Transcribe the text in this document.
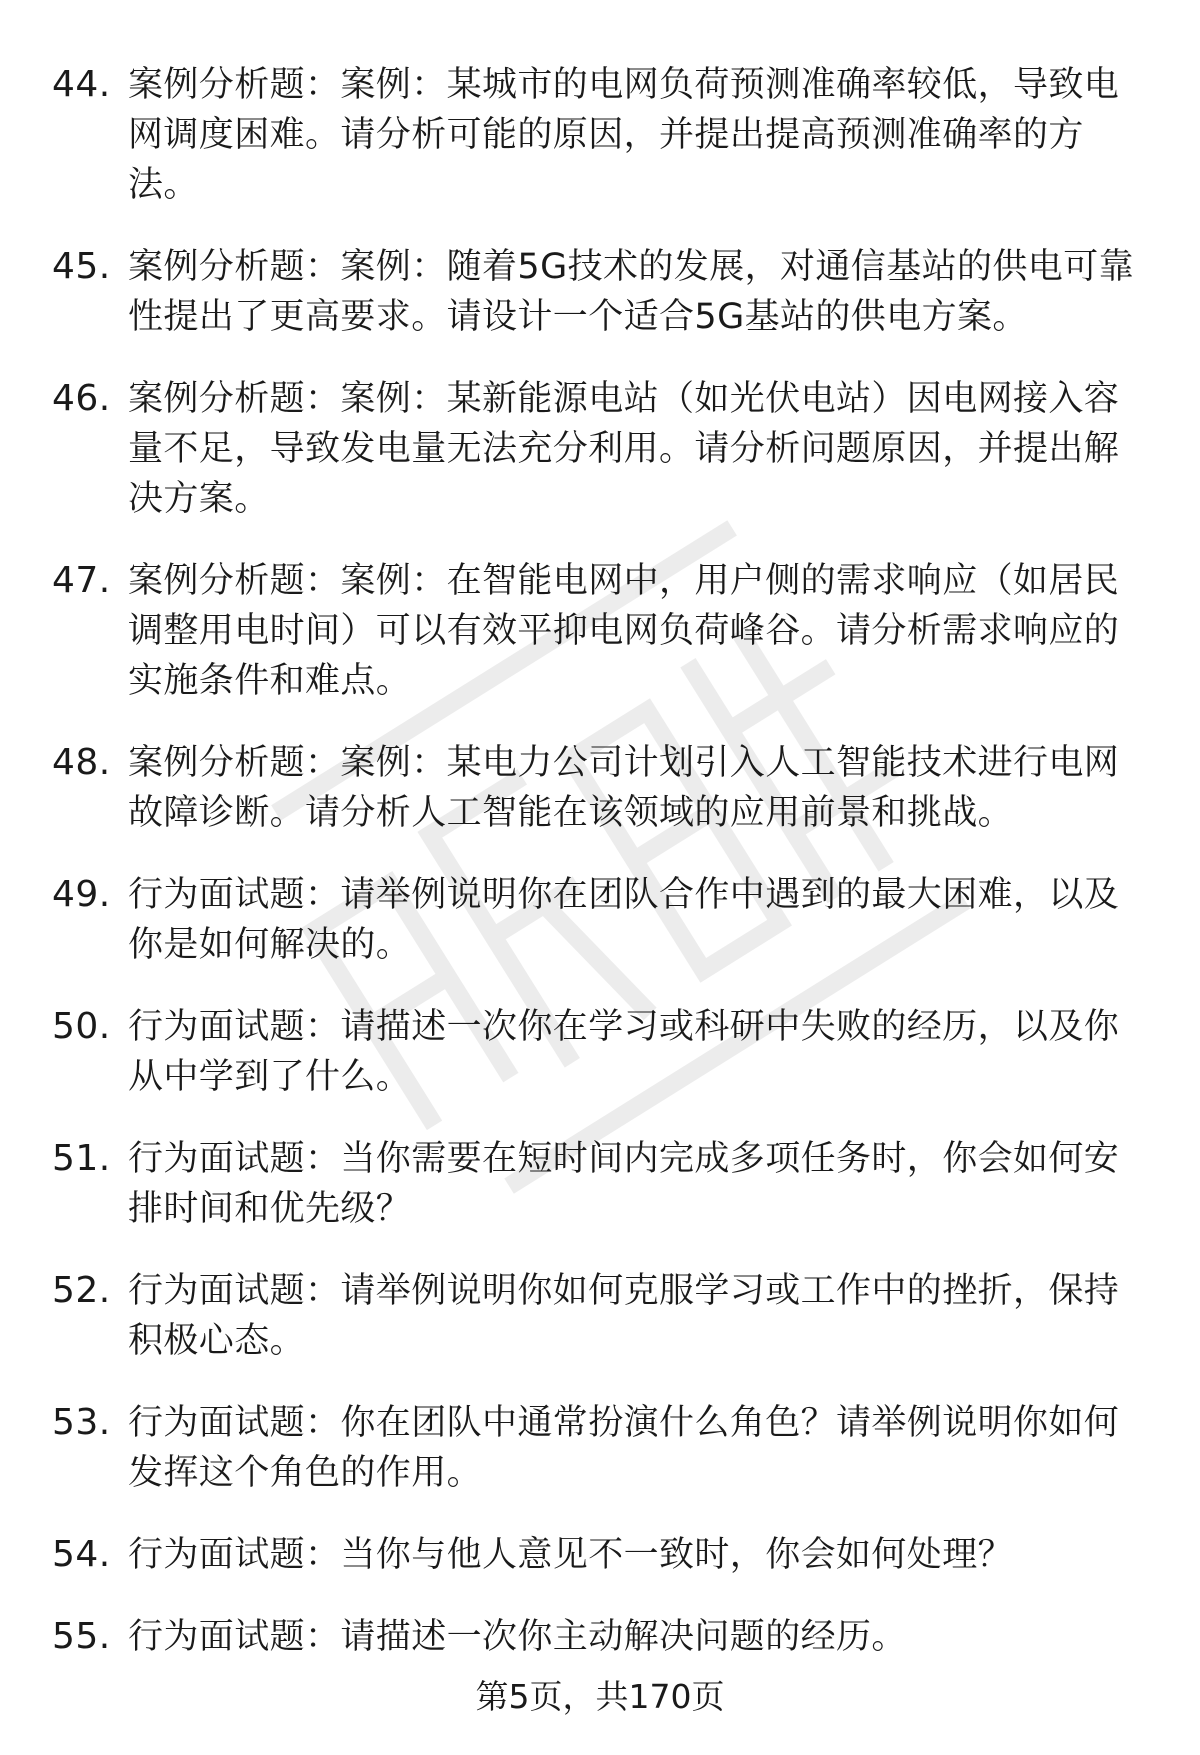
44. 案例分析题：案例：某城市的电网负荷预测准确率较低，导致电网调度困难。请分析可能的原因，并提出提高预测准确率的方法。
45. 案例分析题：案例：随着5G技术的发展，对通信基站的供电可靠性提出了更高要求。请设计一个适合5G基站的供电方案。
46. 案例分析题：案例：某新能源电站（如光伏电站）因电网接入容量不足，导致发电量无法充分利用。请分析问题原因，并提出解决方案。
47. 案例分析题：案例：在智能电网中，用户侧的需求响应（如居民调整用电时间）可以有效平抑电网负荷峰谷。请分析需求响应的实施条件和难点。
48. 案例分析题：案例：某电力公司计划引入人工智能技术进行电网故障诊断。请分析人工智能在该领域的应用前景和挑战。
49. 行为面试题：请举例说明你在团队合作中遇到的最大困难，以及你是如何解决的。
50. 行为面试题：请描述一次你在学习或科研中失败的经历，以及你从中学到了什么。
51. 行为面试题：当你需要在短时间内完成多项任务时，你会如何安排时间和优先级？
52. 行为面试题：请举例说明你如何克服学习或工作中的挫折，保持积极心态。
53. 行为面试题：你在团队中通常扮演什么角色？请举例说明你如何发挥这个角色的作用。
54. 行为面试题：当你与他人意见不一致时，你会如何处理？
55. 行为面试题：请描述一次你主动解决问题的经历。
第5页，共170页
